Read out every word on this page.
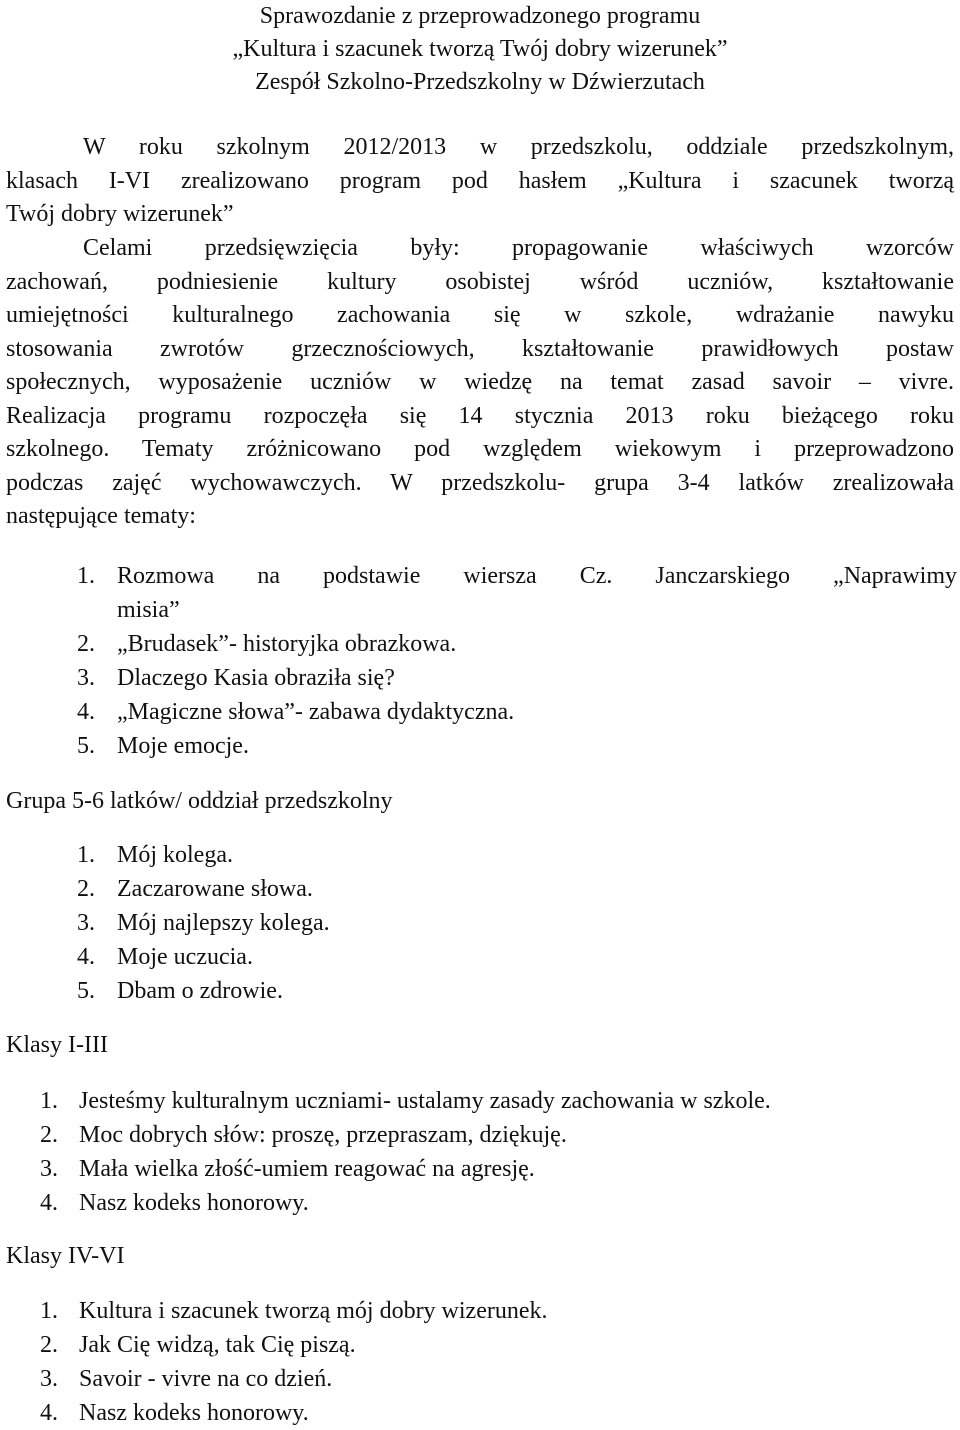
Sprawozdanie z przeprowadzonego programu
„Kultura i szacunek tworzą Twój dobry wizerunek”
Zespół Szkolno-Przedszkolny w Dźwierzutach
W roku szkolnym 2012/2013 w przedszkolu, oddziale przedszkolnym,
klasach I-VI zrealizowano program pod hasłem „Kultura i szacunek tworzą
Twój dobry wizerunek”
Celami przedsięwzięcia były: propagowanie właściwych wzorców
zachowań, podniesienie kultury osobistej wśród uczniów, kształtowanie
umiejętności kulturalnego zachowania się w szkole, wdrażanie nawyku
stosowania zwrotów grzecznościowych, kształtowanie prawidłowych postaw
społecznych, wyposażenie uczniów w wiedzę na temat zasad savoir – vivre.
Realizacja programu rozpoczęła się 14 stycznia 2013 roku bieżącego roku
szkolnego. Tematy zróżnicowano pod względem wiekowym i przeprowadzono
podczas zajęć wychowawczych. W przedszkolu- grupa 3-4 latków zrealizowała
następujące tematy:
1. Rozmowa na podstawie wiersza Cz. Janczarskiego „Naprawimy
misia”
2. „Brudasek”- historyjka obrazkowa.
3. Dlaczego Kasia obraziła się?
4. „Magiczne słowa”- zabawa dydaktyczna.
5. Moje emocje.
Grupa 5-6 latków/ oddział przedszkolny
1. Mój kolega.
2. Zaczarowane słowa.
3. Mój najlepszy kolega.
4. Moje uczucia.
5. Dbam o zdrowie.
Klasy I-III
1. Jesteśmy kulturalnym uczniami- ustalamy zasady zachowania w szkole.
2. Moc dobrych słów: proszę, przepraszam, dziękuję.
3. Mała wielka złość-umiem reagować na agresję.
4. Nasz kodeks honorowy.
Klasy IV-VI
1. Kultura i szacunek tworzą mój dobry wizerunek.
2. Jak Cię widzą, tak Cię piszą.
3. Savoir - vivre na co dzień.
4. Nasz kodeks honorowy.
